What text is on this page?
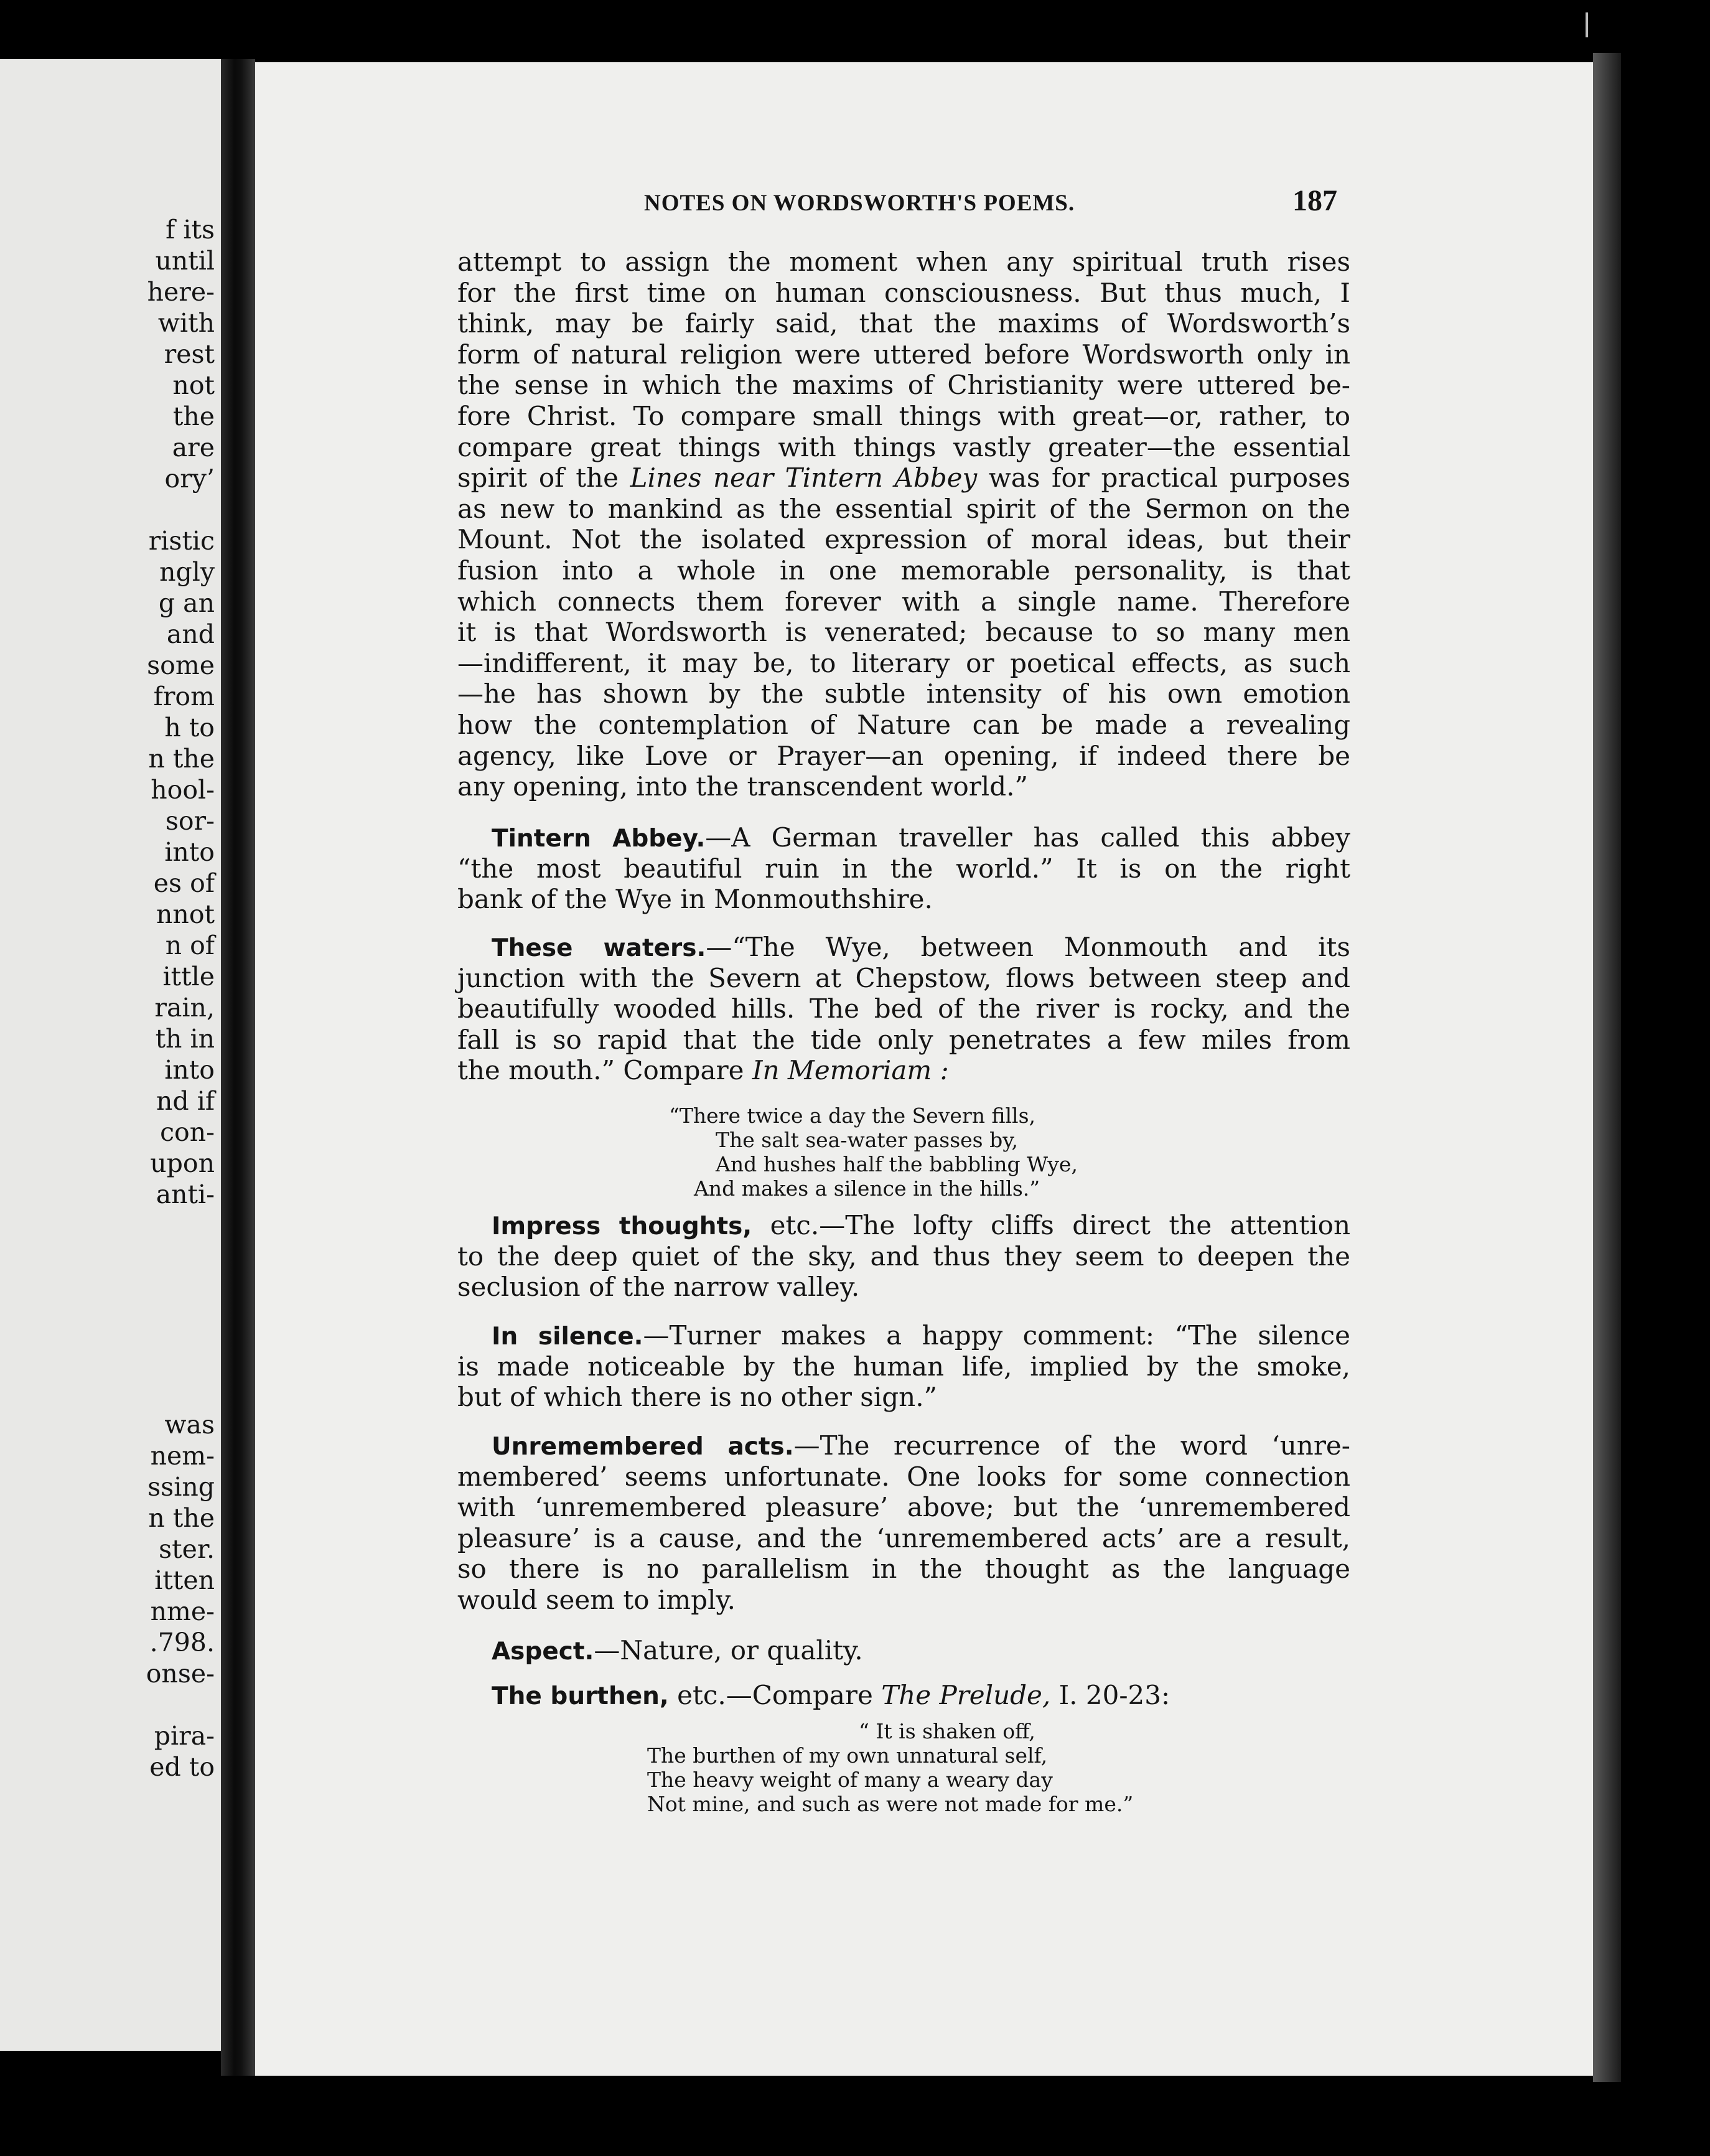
f its
until
here-
with
rest
not
the
are
ory’
ristic
ngly
g an
and
some
from
h to
n the
hool-
sor-
into
es of
nnot
n of
ittle
rain,
th in
into
nd if
con-
upon
anti-
was
nem-
ssing
n the
ster.
itten
nme-
.798.
onse-
pira-
ed to
NOTES ON WORDSWORTH'S POEMS.	187
attempt to assign the moment when any spiritual truth rises
for the first time on human consciousness. But thus much, I
think, may be fairly said, that the maxims of Wordsworth’s
form of natural religion were uttered before Wordsworth only in
the sense in which the maxims of Christianity were uttered be-
fore Christ. To compare small things with great—or, rather, to
compare great things with things vastly greater—the essential
spirit of the Lines near Tintern Abbey was for practical purposes
as new to mankind as the essential spirit of the Sermon on the
Mount. Not the isolated expression of moral ideas, but their
fusion into a whole in one memorable personality, is that
which connects them forever with a single name. Therefore
it is that Wordsworth is venerated; because to so many men
—indifferent, it may be, to literary or poetical effects, as such
—he has shown by the subtle intensity of his own emotion
how the contemplation of Nature can be made a revealing
agency, like Love or Prayer—an opening, if indeed there be
any opening, into the transcendent world.”
Tintern Abbey.—A German traveller has called this abbey
“the most beautiful ruin in the world.” It is on the right
bank of the Wye in Monmouthshire.
These waters.—“The Wye, between Monmouth and its
junction with the Severn at Chepstow, flows between steep and
beautifully wooded hills. The bed of the river is rocky, and the
fall is so rapid that the tide only penetrates a few miles from
the mouth.” Compare In Memoriam :
“There twice a day the Severn fills,
The salt sea-water passes by,
And hushes half the babbling Wye,
And makes a silence in the hills.”
Impress thoughts, etc.—The lofty cliffs direct the attention
to the deep quiet of the sky, and thus they seem to deepen the
seclusion of the narrow valley.
In silence.—Turner makes a happy comment: “The silence
is made noticeable by the human life, implied by the smoke,
but of which there is no other sign.”
Unremembered acts.—The recurrence of the word ‘unre-
membered’ seems unfortunate. One looks for some connection
with ‘unremembered pleasure’ above; but the ‘unremembered
pleasure’ is a cause, and the ‘unremembered acts’ are a result,
so there is no parallelism in the thought as the language
would seem to imply.
Aspect.—Nature, or quality.
The burthen, etc.—Compare The Prelude, I. 20-23:
“ It is shaken off,
The burthen of my own unnatural self,
The heavy weight of many a weary day
Not mine, and such as were not made for me.”
